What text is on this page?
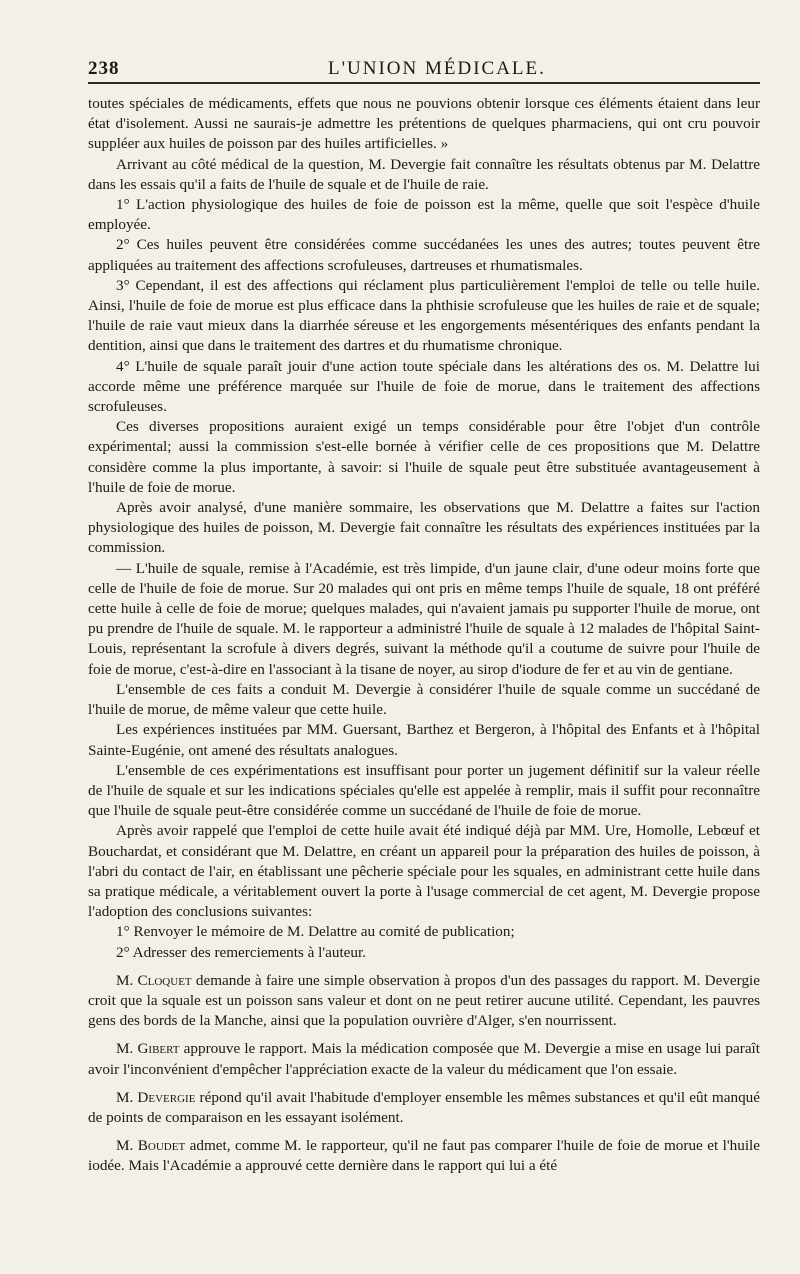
238	L'UNION MÉDICALE.

toutes spéciales de médicaments, effets que nous ne pouvions obtenir lorsque ces éléments étaient dans leur état d'isolement. Aussi ne saurais-je admettre les prétentions de quelques pharmaciens, qui ont cru pouvoir suppléer aux huiles de poisson par des huiles artificielles. »

Arrivant au côté médical de la question, M. Devergie fait connaître les résultats obtenus par M. Delattre dans les essais qu'il a faits de l'huile de squale et de l'huile de raie.

1° L'action physiologique des huiles de foie de poisson est la même, quelle que soit l'espèce d'huile employée.

2° Ces huiles peuvent être considérées comme succédanées les unes des autres; toutes peuvent être appliquées au traitement des affections scrofuleuses, dartreuses et rhumatismales.

3° Cependant, il est des affections qui réclament plus particulièrement l'emploi de telle ou telle huile. Ainsi, l'huile de foie de morue est plus efficace dans la phthisie scrofuleuse que les huiles de raie et de squale; l'huile de raie vaut mieux dans la diarrhée séreuse et les engorgements mésentériques des enfants pendant la dentition, ainsi que dans le traitement des dartres et du rhumatisme chronique.

4° L'huile de squale paraît jouir d'une action toute spéciale dans les altérations des os. M. Delattre lui accorde même une préférence marquée sur l'huile de foie de morue, dans le traitement des affections scrofuleuses.

Ces diverses propositions auraient exigé un temps considérable pour être l'objet d'un contrôle expérimental; aussi la commission s'est-elle bornée à vérifier celle de ces propositions que M. Delattre considère comme la plus importante, à savoir: si l'huile de squale peut être substituée avantageusement à l'huile de foie de morue.

Après avoir analysé, d'une manière sommaire, les observations que M. Delattre a faites sur l'action physiologique des huiles de poisson, M. Devergie fait connaître les résultats des expériences instituées par la commission.

— L'huile de squale, remise à l'Académie, est très limpide, d'un jaune clair, d'une odeur moins forte que celle de l'huile de foie de morue. Sur 20 malades qui ont pris en même temps l'huile de squale, 18 ont préféré cette huile à celle de foie de morue; quelques malades, qui n'avaient jamais pu supporter l'huile de morue, ont pu prendre de l'huile de squale. M. le rapporteur a administré l'huile de squale à 12 malades de l'hôpital Saint-Louis, représentant la scrofule à divers degrés, suivant la méthode qu'il a coutume de suivre pour l'huile de foie de morue, c'est-à-dire en l'associant à la tisane de noyer, au sirop d'iodure de fer et au vin de gentiane.

L'ensemble de ces faits a conduit M. Devergie à considérer l'huile de squale comme un succédané de l'huile de morue, de même valeur que cette huile.

Les expériences instituées par MM. Guersant, Barthez et Bergeron, à l'hôpital des Enfants et à l'hôpital Sainte-Eugénie, ont amené des résultats analogues.

L'ensemble de ces expérimentations est insuffisant pour porter un jugement définitif sur la valeur réelle de l'huile de squale et sur les indications spéciales qu'elle est appelée à remplir, mais il suffit pour reconnaître que l'huile de squale peut-être considérée comme un succédané de l'huile de foie de morue.

Après avoir rappelé que l'emploi de cette huile avait été indiqué déjà par MM. Ure, Homolle, Lebœuf et Bouchardat, et considérant que M. Delattre, en créant un appareil pour la préparation des huiles de poisson, à l'abri du contact de l'air, en établissant une pêcherie spéciale pour les squales, en administrant cette huile dans sa pratique médicale, a véritablement ouvert la porte à l'usage commercial de cet agent, M. Devergie propose l'adoption des conclusions suivantes:

1° Renvoyer le mémoire de M. Delattre au comité de publication;

2° Adresser des remerciements à l'auteur.

M. Cloquet demande à faire une simple observation à propos d'un des passages du rapport. M. Devergie croit que la squale est un poisson sans valeur et dont on ne peut retirer aucune utilité. Cependant, les pauvres gens des bords de la Manche, ainsi que la population ouvrière d'Alger, s'en nourrissent.

M. Gibert approuve le rapport. Mais la médication composée que M. Devergie a mise en usage lui paraît avoir l'inconvénient d'empêcher l'appréciation exacte de la valeur du médicament que l'on essaie.

M. Devergie répond qu'il avait l'habitude d'employer ensemble les mêmes substances et qu'il eût manqué de points de comparaison en les essayant isolément.

M. Boudet admet, comme M. le rapporteur, qu'il ne faut pas comparer l'huile de foie de morue et l'huile iodée. Mais l'Académie a approuvé cette dernière dans le rapport qui lui a été
